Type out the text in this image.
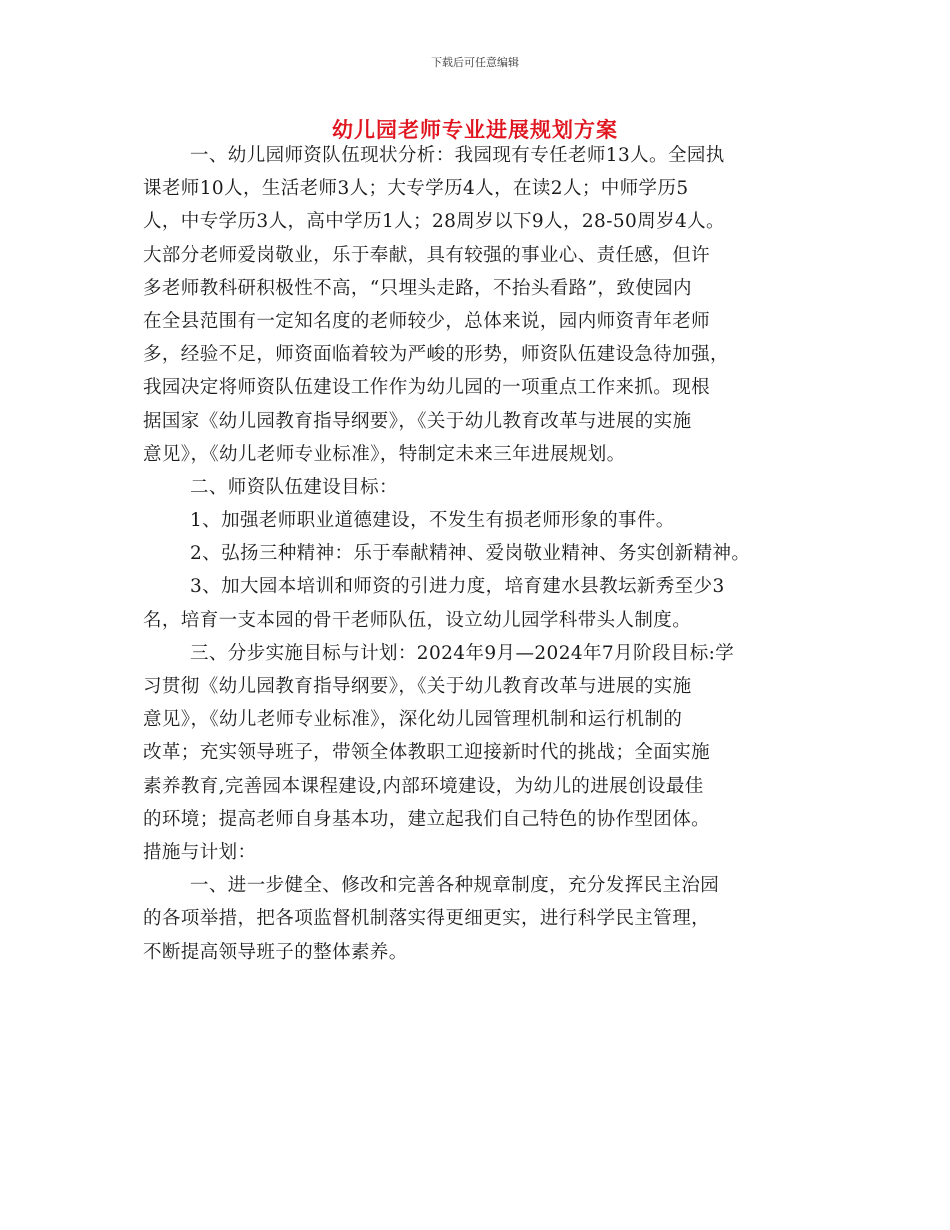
下载后可任意编辑
幼儿园老师专业进展规划方案
一、幼儿园师资队伍现状分析：我园现有专任老师13人。全园执
课老师10人，生活老师3人；大专学历4人，在读2人；中师学历5
人，中专学历3人，高中学历1人；28周岁以下9人，28-50周岁4人。
大部分老师爱岗敬业，乐于奉献，具有较强的事业心、责任感，但许
多老师教科研积极性不高，“只埋头走路，不抬头看路”，致使园内
在全县范围有一定知名度的老师较少，总体来说，园内师资青年老师
多，经验不足，师资面临着较为严峻的形势，师资队伍建设急待加强，
我园决定将师资队伍建设工作作为幼儿园的一项重点工作来抓。现根
据国家《幼儿园教育指导纲要》，《关于幼儿教育改革与进展的实施
意见》，《幼儿老师专业标准》，特制定未来三年进展规划。
二、师资队伍建设目标：
1、加强老师职业道德建设，不发生有损老师形象的事件。
2、弘扬三种精神：乐于奉献精神、爱岗敬业精神、务实创新精神。
3、加大园本培训和师资的引进力度，培育建水县教坛新秀至少3
名，培育一支本园的骨干老师队伍，设立幼儿园学科带头人制度。
三、分步实施目标与计划：2024年9月—2024年7月阶段目标:学
习贯彻《幼儿园教育指导纲要》，《关于幼儿教育改革与进展的实施
意见》，《幼儿老师专业标准》，深化幼儿园管理机制和运行机制的
改革；充实领导班子，带领全体教职工迎接新时代的挑战；全面实施
素养教育,完善园本课程建设,内部环境建设，为幼儿的进展创设最佳
的环境；提高老师自身基本功，建立起我们自己特色的协作型团体。
措施与计划：
一、进一步健全、修改和完善各种规章制度，充分发挥民主治园
的各项举措，把各项监督机制落实得更细更实，进行科学民主管理，
不断提高领导班子的整体素养。
